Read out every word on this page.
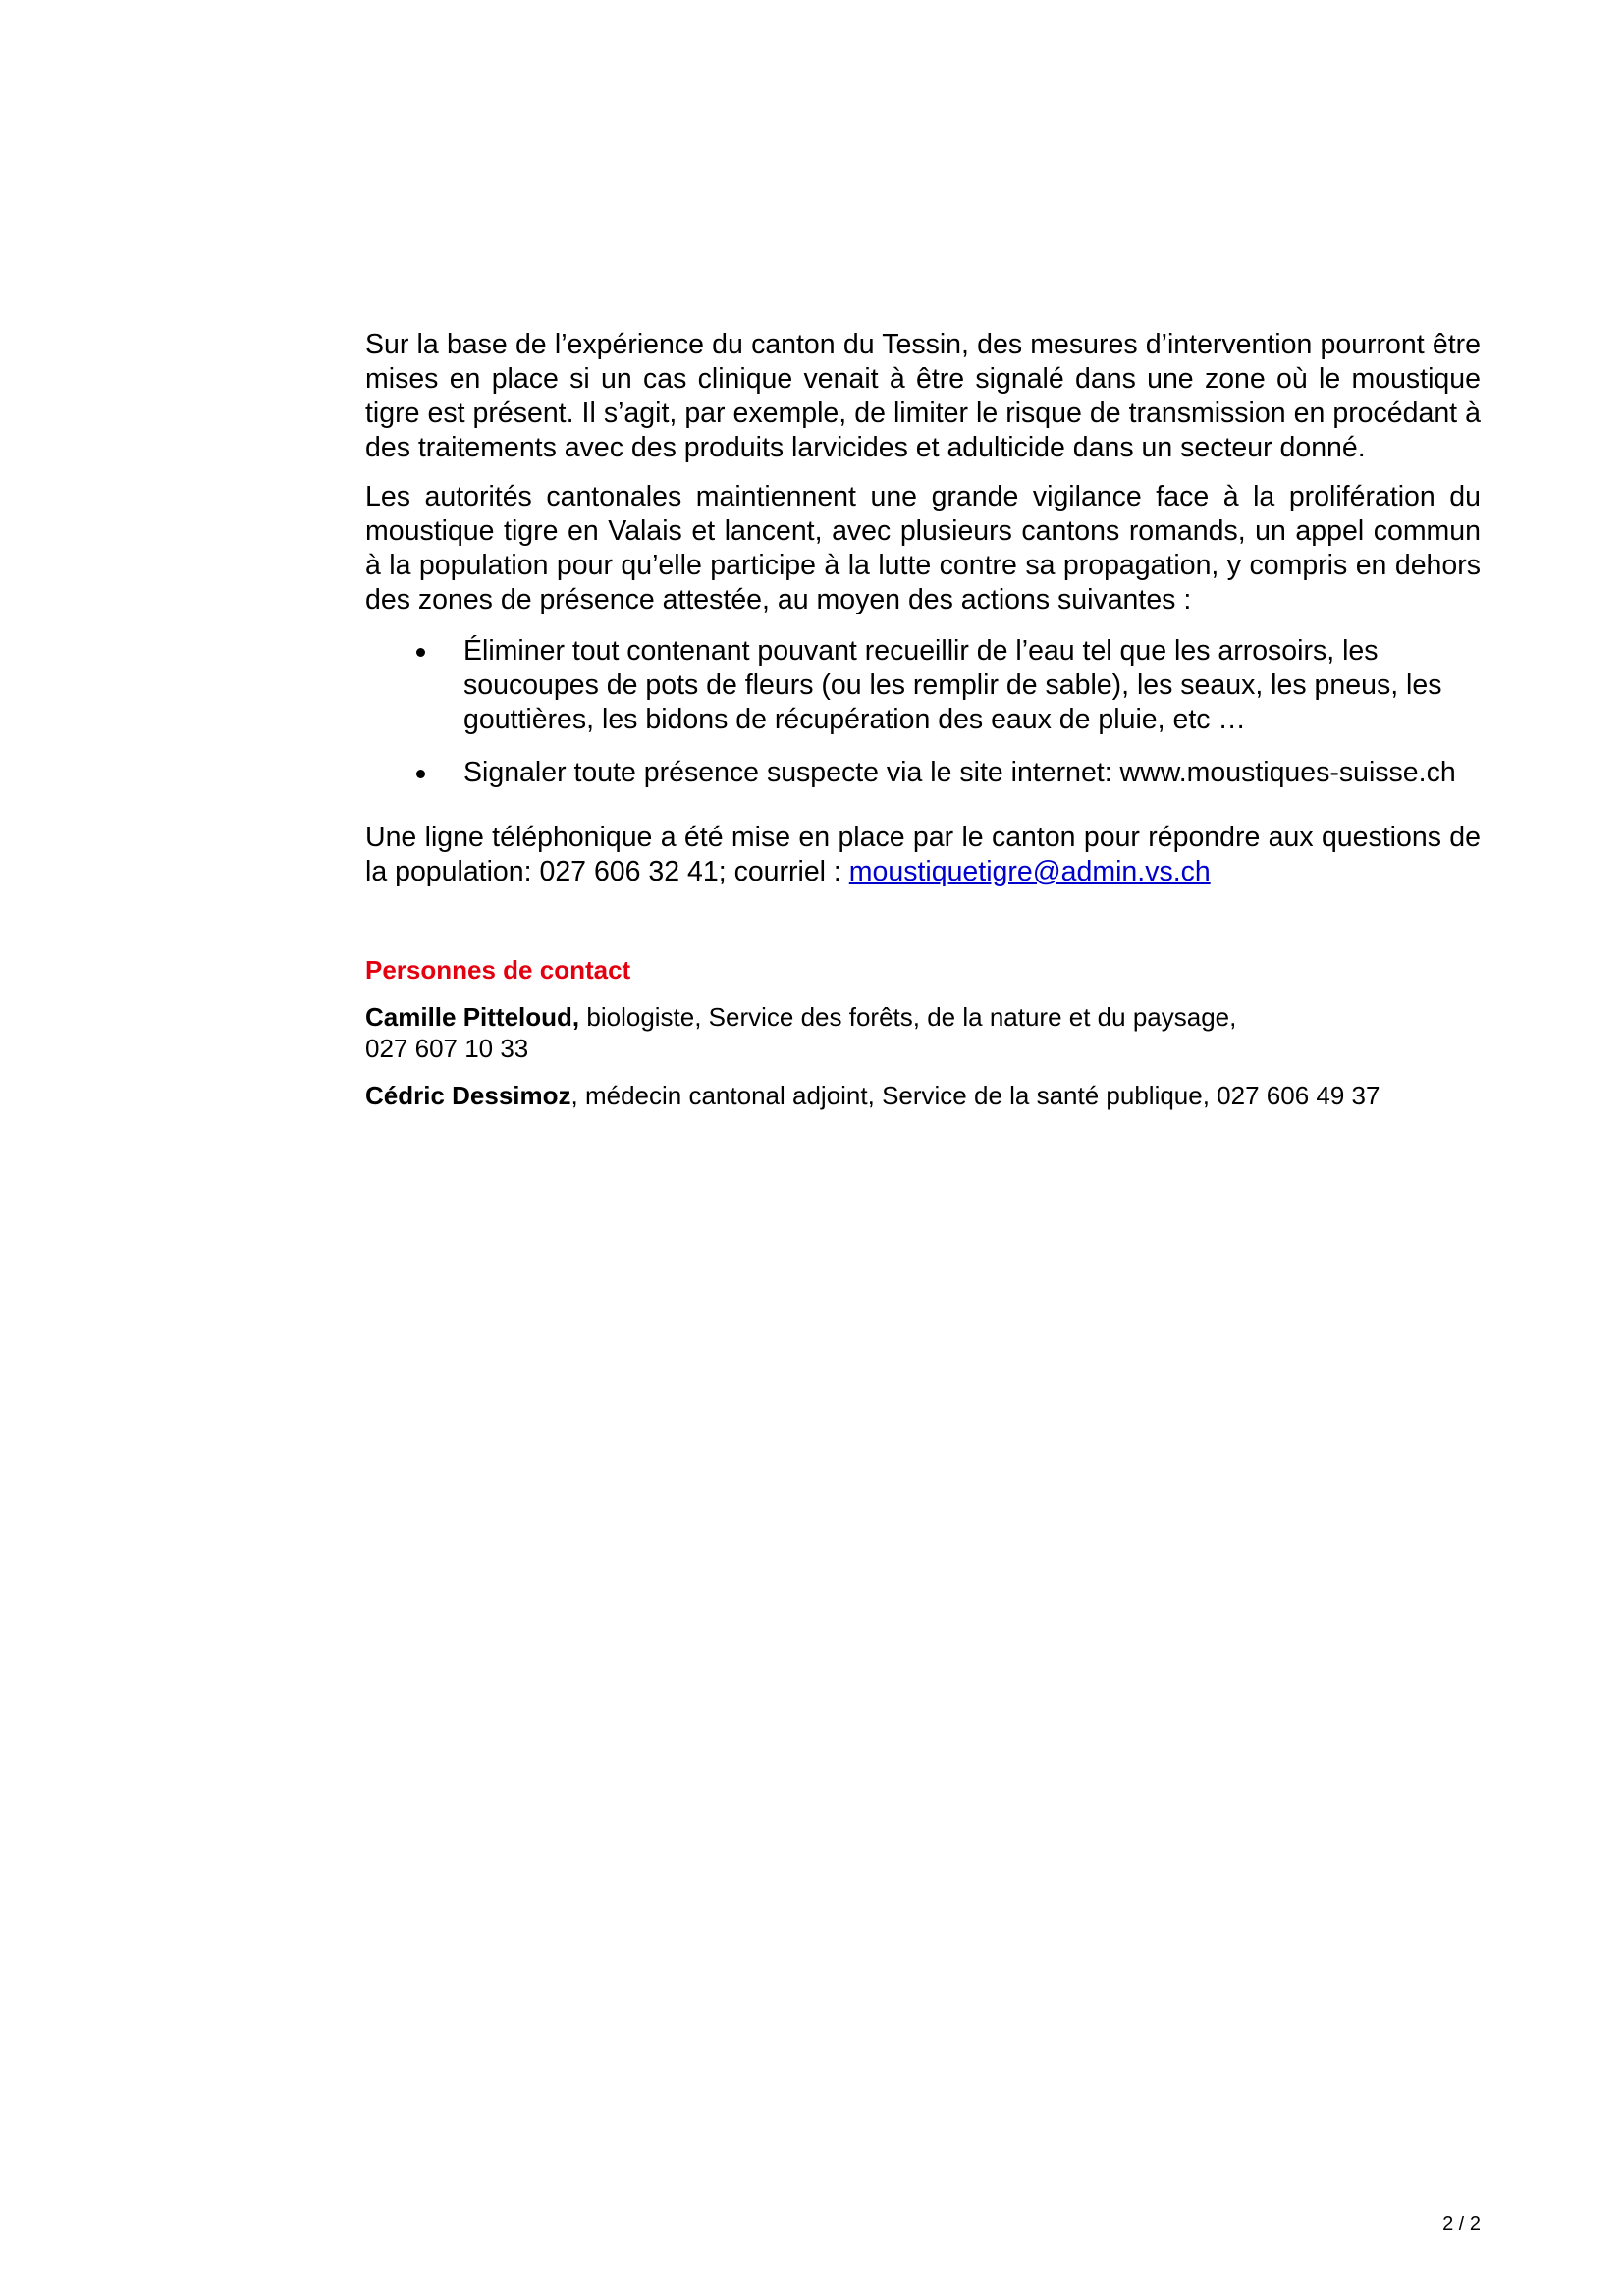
Sur la base de l’expérience du canton du Tessin, des mesures d’intervention pourront être mises en place si un cas clinique venait à être signalé dans une zone où le moustique tigre est présent. Il s’agit, par exemple, de limiter le risque de transmission en procédant à des traitements avec des produits larvicides et adulticide dans un secteur donné.

Les autorités cantonales maintiennent une grande vigilance face à la prolifération du moustique tigre en Valais et lancent, avec plusieurs cantons romands, un appel commun à la population pour qu’elle participe à la lutte contre sa propagation, y compris en dehors des zones de présence attestée, au moyen des actions suivantes :

Éliminer tout contenant pouvant recueillir de l’eau tel que les arrosoirs, les soucoupes de pots de fleurs (ou les remplir de sable), les seaux, les pneus, les gouttières, les bidons de récupération des eaux de pluie, etc …
Signaler toute présence suspecte via le site internet: www.moustiques-suisse.ch

Une ligne téléphonique a été mise en place par le canton pour répondre aux questions de la population: 027 606 32 41; courriel : moustiquetigre@admin.vs.ch

Personnes de contact

Camille Pitteloud, biologiste, Service des forêts, de la nature et du paysage,
027 607 10 33

Cédric Dessimoz, médecin cantonal adjoint, Service de la santé publique, 027 606 49 37

2 / 2
